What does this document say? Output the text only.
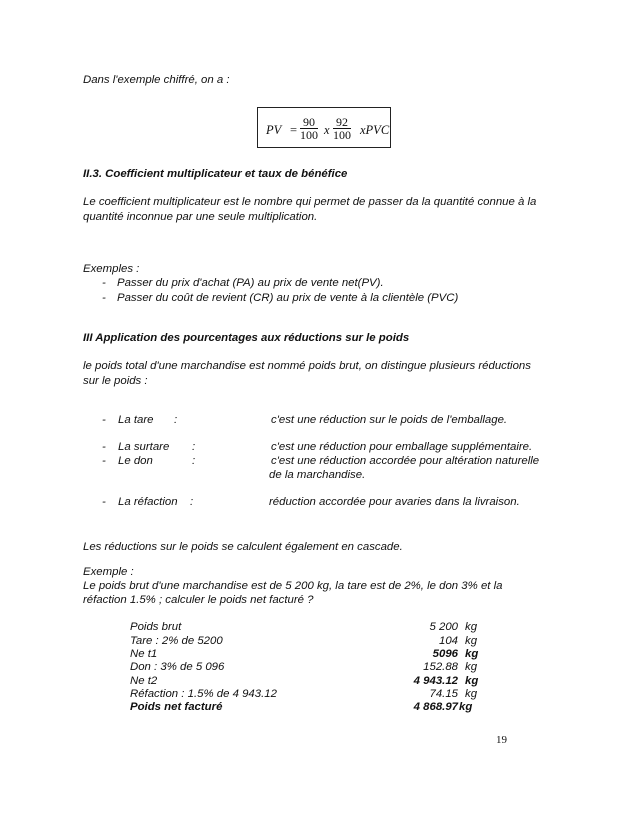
Dans l'exemple chiffré, on a :
PV = $\frac{90}{100}$ x $\frac{92}{100}$ xPVC
II.3. Coefficient multiplicateur et taux de bénéfice
Le coefficient multiplicateur est le nombre qui permet de passer da la quantité connue à la
quantité inconnue par une seule multiplication.
Exemples :
- Passer du prix d'achat (PA) au prix de vente net(PV).
- Passer du coût de revient (CR) au prix de vente à la clientèle (PVC)
III Application des pourcentages aux réductions sur le poids
le poids total d'une marchandise est nommé poids brut, on distingue plusieurs réductions
sur le poids :
- La tare :	c'est une réduction sur le poids de l'emballage.
- La surtare :	c'est une réduction pour emballage supplémentaire.
- Le don	:	c'est une réduction accordée pour altération naturelle
de la marchandise.
- La réfaction :	réduction accordée pour avaries dans la livraison.
Les réductions sur le poids se calculent également en cascade.
Exemple :
Le poids brut d'une marchandise est de 5 200 kg, la tare est de 2%, le don 3% et la
réfaction 1.5% ; calculer le poids net facturé ?
Poids brut	5 200 kg
Tare : 2% de 5200	104 kg
Ne t1	5096 kg
Don : 3% de 5 096	152.88 kg
Ne t2	4 943.12 kg
Réfaction : 1.5% de 4 943.12	74.15 kg
Poids net facturé	4 868.97 kg
19
